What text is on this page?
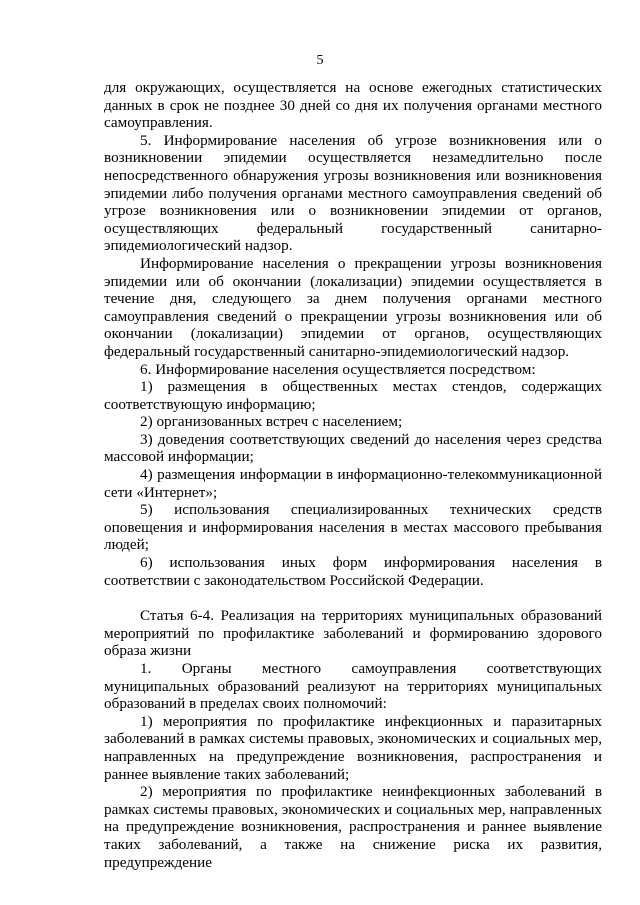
5

для окружающих, осуществляется на основе ежегодных статистических данных в срок не позднее 30 дней со дня их получения органами местного самоуправления.

5. Информирование населения об угрозе возникновения или о возникновении эпидемии осуществляется незамедлительно после непосредственного обнаружения угрозы возникновения или возникновения эпидемии либо получения органами местного самоуправления сведений об угрозе возникновения или о возникновении эпидемии от органов, осуществляющих федеральный государственный санитарно-эпидемиологический надзор.

Информирование населения о прекращении угрозы возникновения эпидемии или об окончании (локализации) эпидемии осуществляется в течение дня, следующего за днем получения органами местного самоуправления сведений о прекращении угрозы возникновения или об окончании (локализации) эпидемии от органов, осуществляющих федеральный государственный санитарно-эпидемиологический надзор.

6. Информирование населения осуществляется посредством:

1) размещения в общественных местах стендов, содержащих соответствующую информацию;

2) организованных встреч с населением;

3) доведения соответствующих сведений до населения через средства массовой информации;

4) размещения информации в информационно-телекоммуникационной сети «Интернет»;

5) использования специализированных технических средств оповещения и информирования населения в местах массового пребывания людей;

6) использования иных форм информирования населения в соответствии с законодательством Российской Федерации.

Статья 6-4. Реализация на территориях муниципальных образований мероприятий по профилактике заболеваний и формированию здорового образа жизни

1. Органы местного самоуправления соответствующих муниципальных образований реализуют на территориях муниципальных образований в пределах своих полномочий:

1) мероприятия по профилактике инфекционных и паразитарных заболеваний в рамках системы правовых, экономических и социальных мер, направленных на предупреждение возникновения, распространения и раннее выявление таких заболеваний;

2) мероприятия по профилактике неинфекционных заболеваний в рамках системы правовых, экономических и социальных мер, направленных на предупреждение возникновения, распространения и раннее выявление таких заболеваний, а также на снижение риска их развития, предупреждение
